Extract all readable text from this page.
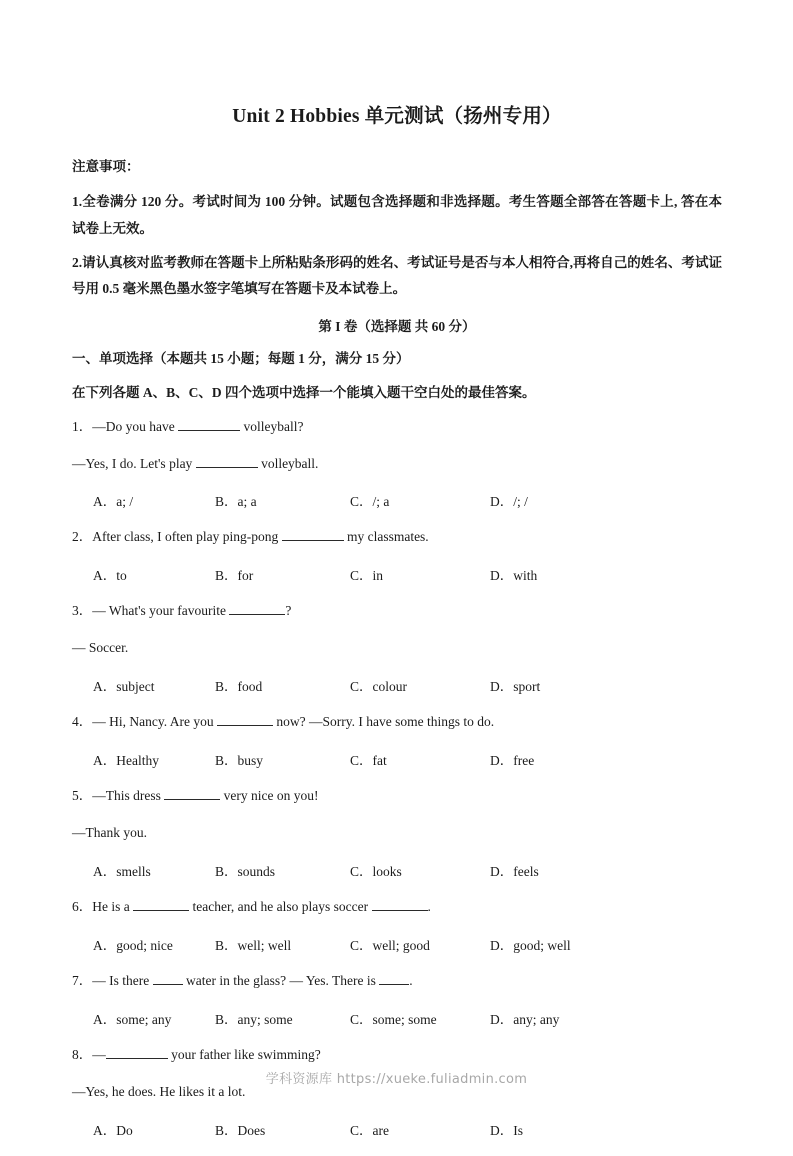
Unit 2 Hobbies 单元测试（扬州专用）

注意事项：

1.全卷满分 120 分。考试时间为 100 分钟。试题包含选择题和非选择题。考生答题全部答在答题卡上, 答在本试卷上无效。

2.请认真核对监考教师在答题卡上所粘贴条形码的姓名、考试证号是否与本人相符合,再将自己的姓名、考试证号用 0.5 毫米黑色墨水签字笔填写在答题卡及本试卷上。

第 I 卷（选择题 共 60 分）

一、单项选择（本题共 15 小题；每题 1 分，满分 15 分）

在下列各题 A、B、C、D 四个选项中选择一个能填入题干空白处的最佳答案。

1．—Do you have	volleyball?

—Yes, I do. Let's play	volleyball.

A．a; /	B．a; a	C．/; a	D．/; /

2．After class, I often play ping-pong	my classmates.

A．to	B．for	C．in	D．with

3．— What's your favourite	?

— Soccer.

A．subject	B．food	C．colour	D．sport

4．— Hi, Nancy. Are you	now? —Sorry. I have some things to do.

A．Healthy	B．busy	C．fat	D．free

5．—This dress	very nice on you!

—Thank you.

A．smells	B．sounds	C．looks	D．feels

6．He is a	teacher, and he also plays soccer	.

A．good; nice	B．well; well	C．well; good	D．good; well

7．— Is there  water in the glass? — Yes. There is .

A．some; any	B．any; some	C．some; some	D．any; any

8．—	your father like swimming?

—Yes, he does. He likes it a lot.

A．Do	B．Does	C．are	D．Is
学科资源库 https://xueke.fuliadmin.com
